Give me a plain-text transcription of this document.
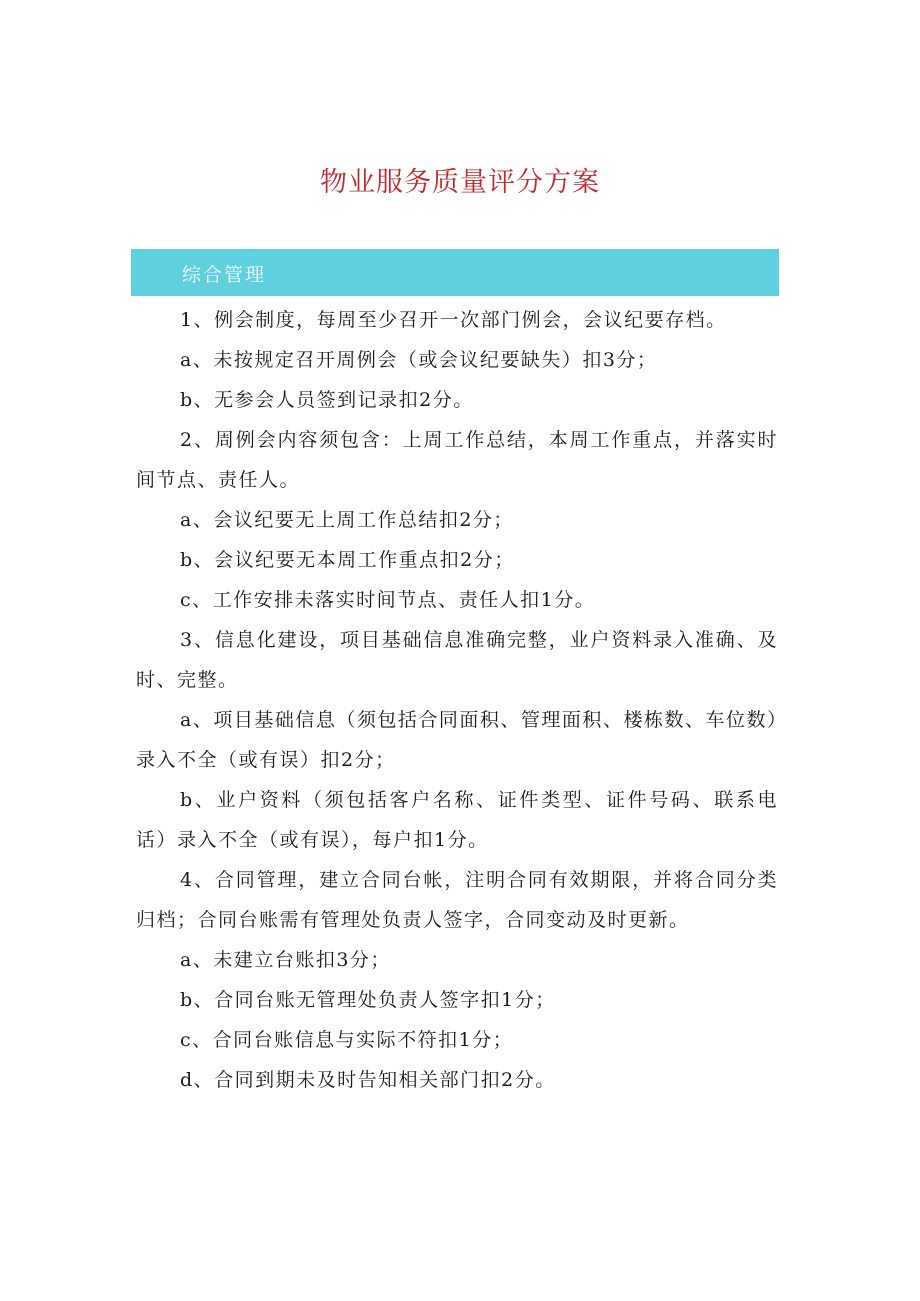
物业服务质量评分方案
综合管理

1、例会制度，每周至少召开一次部门例会，会议纪要存档。

a、未按规定召开周例会（或会议纪要缺失）扣3分；

b、无参会人员签到记录扣2分。

2、周例会内容须包含：上周工作总结，本周工作重点，并落实时间节点、责任人。

a、会议纪要无上周工作总结扣2分；

b、会议纪要无本周工作重点扣2分；

c、工作安排未落实时间节点、责任人扣1分。

3、信息化建设，项目基础信息准确完整，业户资料录入准确、及时、完整。

a、项目基础信息（须包括合同面积、管理面积、楼栋数、车位数）录入不全（或有误）扣2分；

b、业户资料（须包括客户名称、证件类型、证件号码、联系电话）录入不全（或有误），每户扣1分。

4、合同管理，建立合同台帐，注明合同有效期限，并将合同分类归档；合同台账需有管理处负责人签字，合同变动及时更新。

a、未建立台账扣3分；

b、合同台账无管理处负责人签字扣1分；

c、合同台账信息与实际不符扣1分；

d、合同到期未及时告知相关部门扣2分。
